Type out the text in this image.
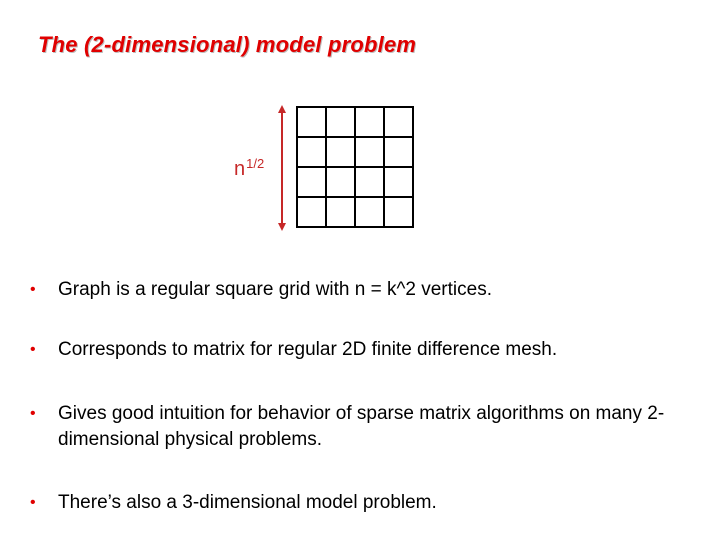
The (2-dimensional) model problem
$n^{1/2}$
•	Graph is a regular square grid with n = k^2 vertices.
•	Corresponds to matrix for regular 2D finite difference mesh.
•	Gives good intuition for behavior of sparse matrix algorithms on many 2-dimensional physical problems.
•	There’s also a 3-dimensional model problem.
